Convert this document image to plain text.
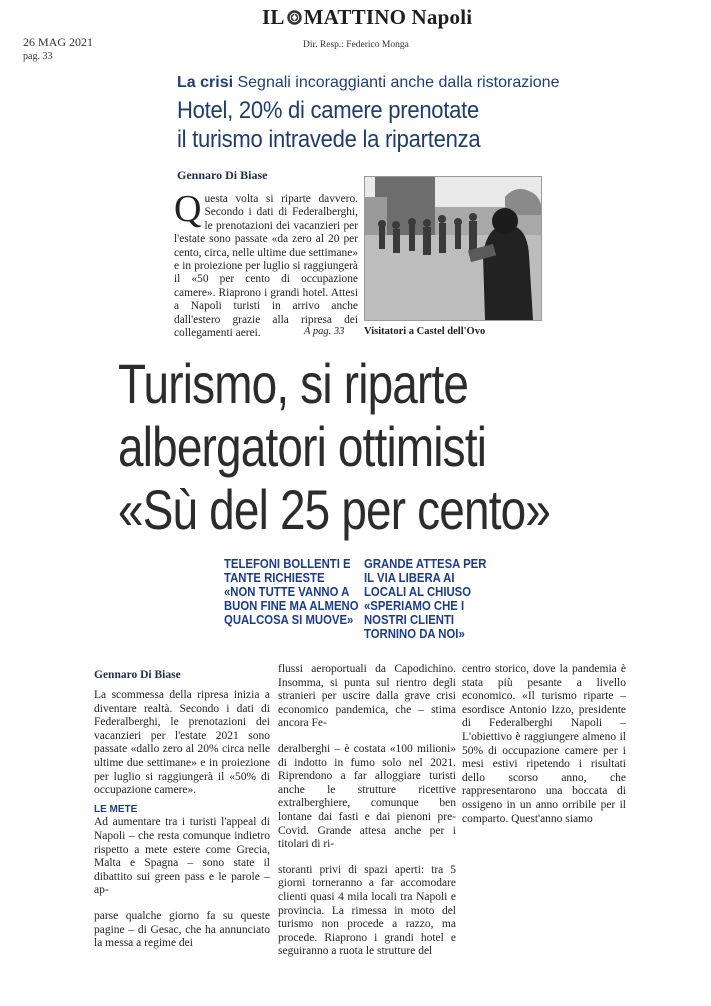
IL MATTINO Napoli
Dir. Resp.: Federico Monga
26 MAG 2021
pag. 33
La crisi Segnali incoraggianti anche dalla ristorazione
Hotel, 20% di camere prenotate
il turismo intravede la ripartenza
Gennaro Di Biase
Questa volta si riparte davvero. Secondo i dati di Federalberghi, le prenotazioni dei vacanzieri per l'estate sono passate «da zero al 20 per cento, circa, nelle ultime due settimane» e in proiezione per luglio si raggiungerà il «50 per cento di occupazione camere». Riaprono i grandi hotel. Attesi a Napoli turisti in arrivo anche dall'estero grazie alla ripresa dei collegamenti aerei.	A pag. 33 Visitatori a Castel dell'Ovo
Turismo, si riparte
albergatori ottimisti
«Sù del 25 per cento»
TELEFONI BOLLENTI E TANTE RICHIESTE «NON TUTTE VANNO A BUON FINE MA ALMENO QUALCOSA SI MUOVE»
GRANDE ATTESA PER IL VIA LIBERA AI LOCALI AL CHIUSO «SPERIAMO CHE I NOSTRI CLIENTI TORNINO DA NOI»
Gennaro Di Biase
La scommessa della ripresa inizia a diventare realtà. Secondo i dati di Federalberghi, le prenotazioni dei vacanzieri per l'estate 2021 sono passate «dallo zero al 20% circa nelle ultime due settimane» e in proiezione per luglio si raggiungerà il «50% di occupazione camere».
LE METE
Ad aumentare tra i turisti l'appeal di Napoli – che resta comunque indietro rispetto a mete estere come Grecia, Malta e Spagna – sono state il dibattito sui green pass e le parole – ap-
parse qualche giorno fa su queste pagine – di Gesac, che ha annunciato la messa a regime dei
flussi aeroportuali da Capodichino. Insomma, si punta sul rientro degli stranieri per uscire dalla grave crisi economico pandemica, che – stima ancora Fe-
deralberghi – è costata «100 milioni» di indotto in fumo solo nel 2021. Riprendono a far alloggiare turisti anche le strutture ricettive extralberghiere, comunque ben lontane dai fasti e dai pienoni pre-Covid. Grande attesa anche per i titolari di ri-
storanti privi di spazi aperti: tra 5 giorni torneranno a far accomodare clienti quasi 4 mila locali tra Napoli e provincia. La rimessa in moto del turismo non procede a razzo, ma procede. Riaprono i grandi hotel e seguiranno a ruota le strutture del
centro storico, dove la pandemia è stata più pesante a livello economico. «Il turismo riparte – esordisce Antonio Izzo, presidente di Federalberghi Napoli – L'obiettivo è raggiungere almeno il 50% di occupazione camere per i mesi estivi ripetendo i risultati dello scorso anno, che rappresentarono una boccata di ossigeno in un anno orribile per il comparto. Quest'anno siamo
